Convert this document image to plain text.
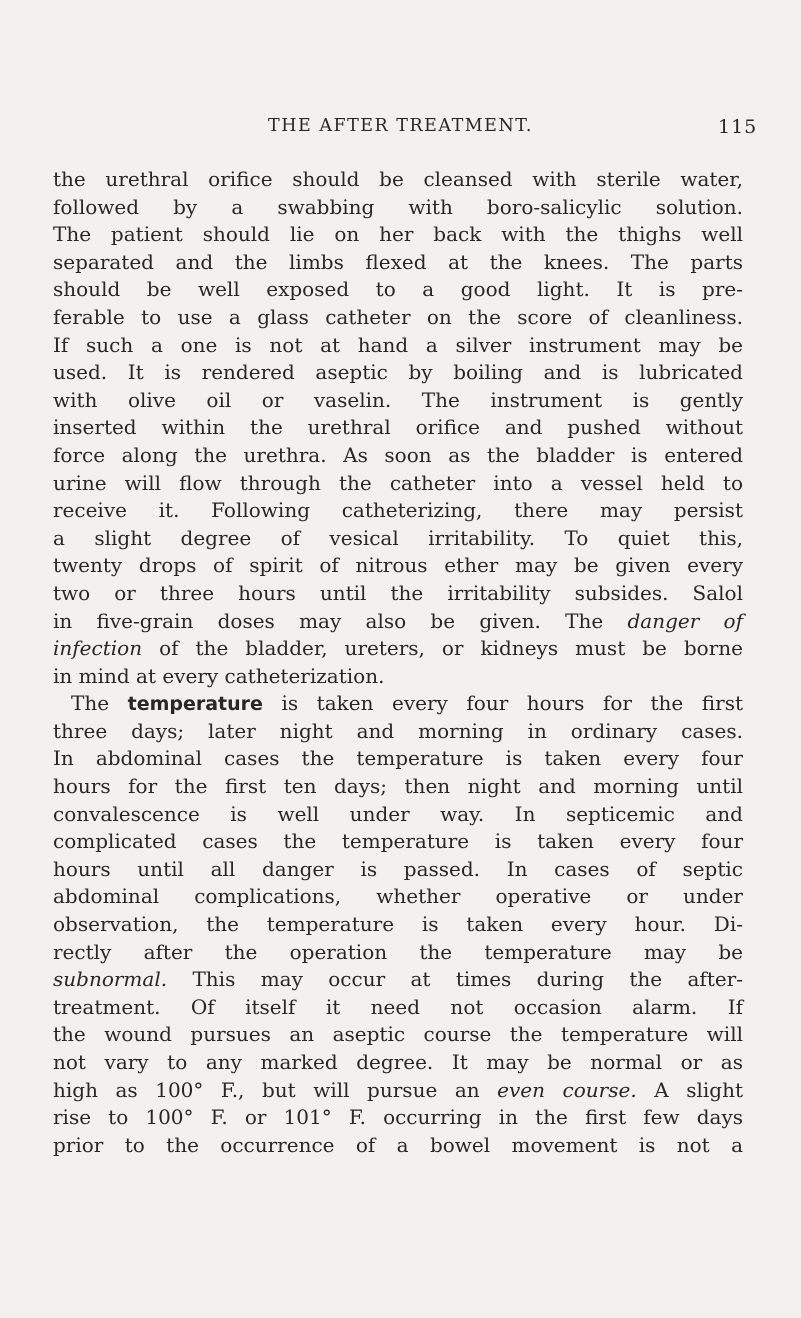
THE AFTER TREATMENT.	115
the urethral orifice should be cleansed with sterile water,
followed by a swabbing with boro-salicylic solution.
The patient should lie on her back with the thighs well
separated and the limbs flexed at the knees. The parts
should be well exposed to a good light. It is pre-
ferable to use a glass catheter on the score of cleanliness.
If such a one is not at hand a silver instrument may be
used. It is rendered aseptic by boiling and is lubricated
with olive oil or vaselin. The instrument is gently
inserted within the urethral orifice and pushed without
force along the urethra. As soon as the bladder is entered
urine will flow through the catheter into a vessel held to
receive it. Following catheterizing, there may persist
a slight degree of vesical irritability. To quiet this,
twenty drops of spirit of nitrous ether may be given every
two or three hours until the irritability subsides. Salol
in five-grain doses may also be given. The danger of
infection of the bladder, ureters, or kidneys must be borne
in mind at every catheterization.
The temperature is taken every four hours for the first
three days; later night and morning in ordinary cases.
In abdominal cases the temperature is taken every four
hours for the first ten days; then night and morning until
convalescence is well under way. In septicemic and
complicated cases the temperature is taken every four
hours until all danger is passed. In cases of septic
abdominal complications, whether operative or under
observation, the temperature is taken every hour. Di-
rectly after the operation the temperature may be
subnormal. This may occur at times during the after-
treatment. Of itself it need not occasion alarm. If
the wound pursues an aseptic course the temperature will
not vary to any marked degree. It may be normal or as
high as 100° F., but will pursue an even course. A slight
rise to 100° F. or 101° F. occurring in the first few days
prior to the occurrence of a bowel movement is not a
